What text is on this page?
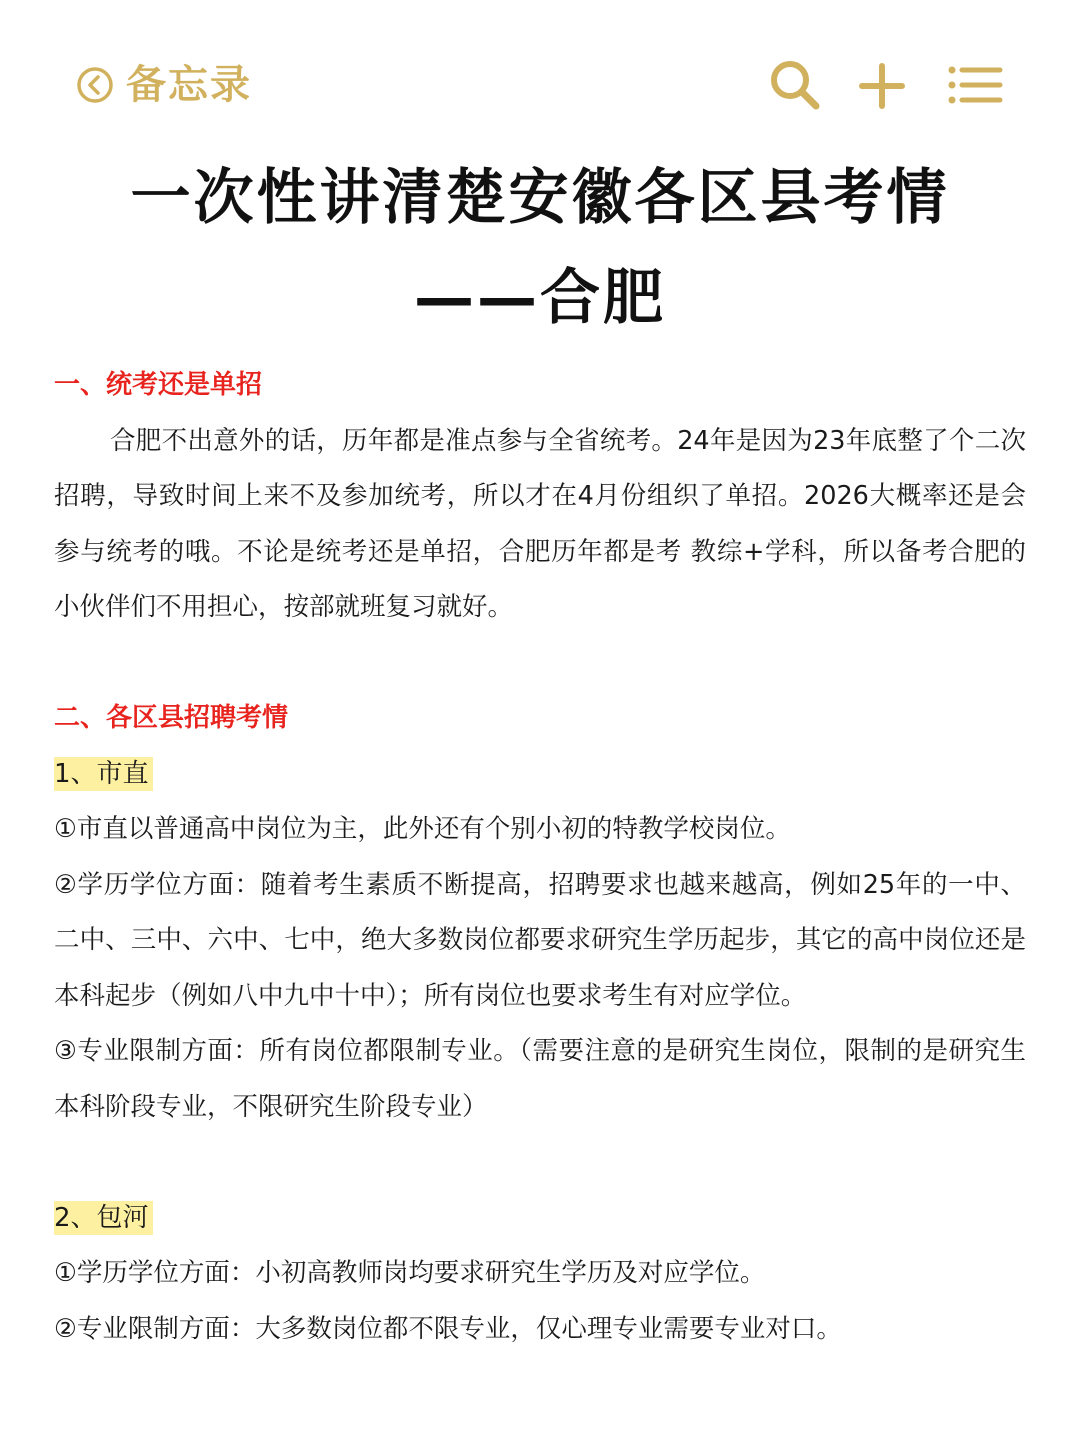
备忘录
一次性讲清楚安徽各区县考情
——合肥
一、统考还是单招
合肥不出意外的话，历年都是准点参与全省统考。24年是因为23年底整了个二次招聘，导致时间上来不及参加统考，所以才在4月份组织了单招。2026大概率还是会参与统考的哦。不论是统考还是单招，合肥历年都是考 教综+学科，所以备考合肥的小伙伴们不用担心，按部就班复习就好。
二、各区县招聘考情
1、市直
①市直以普通高中岗位为主，此外还有个别小初的特教学校岗位。
②学历学位方面：随着考生素质不断提高，招聘要求也越来越高，例如25年的一中、二中、三中、六中、七中，绝大多数岗位都要求研究生学历起步，其它的高中岗位还是本科起步（例如八中九中十中）；所有岗位也要求考生有对应学位。
③专业限制方面：所有岗位都限制专业。（需要注意的是研究生岗位，限制的是研究生本科阶段专业，不限研究生阶段专业）
2、包河
①学历学位方面：小初高教师岗均要求研究生学历及对应学位。
②专业限制方面：大多数岗位都不限专业，仅心理专业需要专业对口。
